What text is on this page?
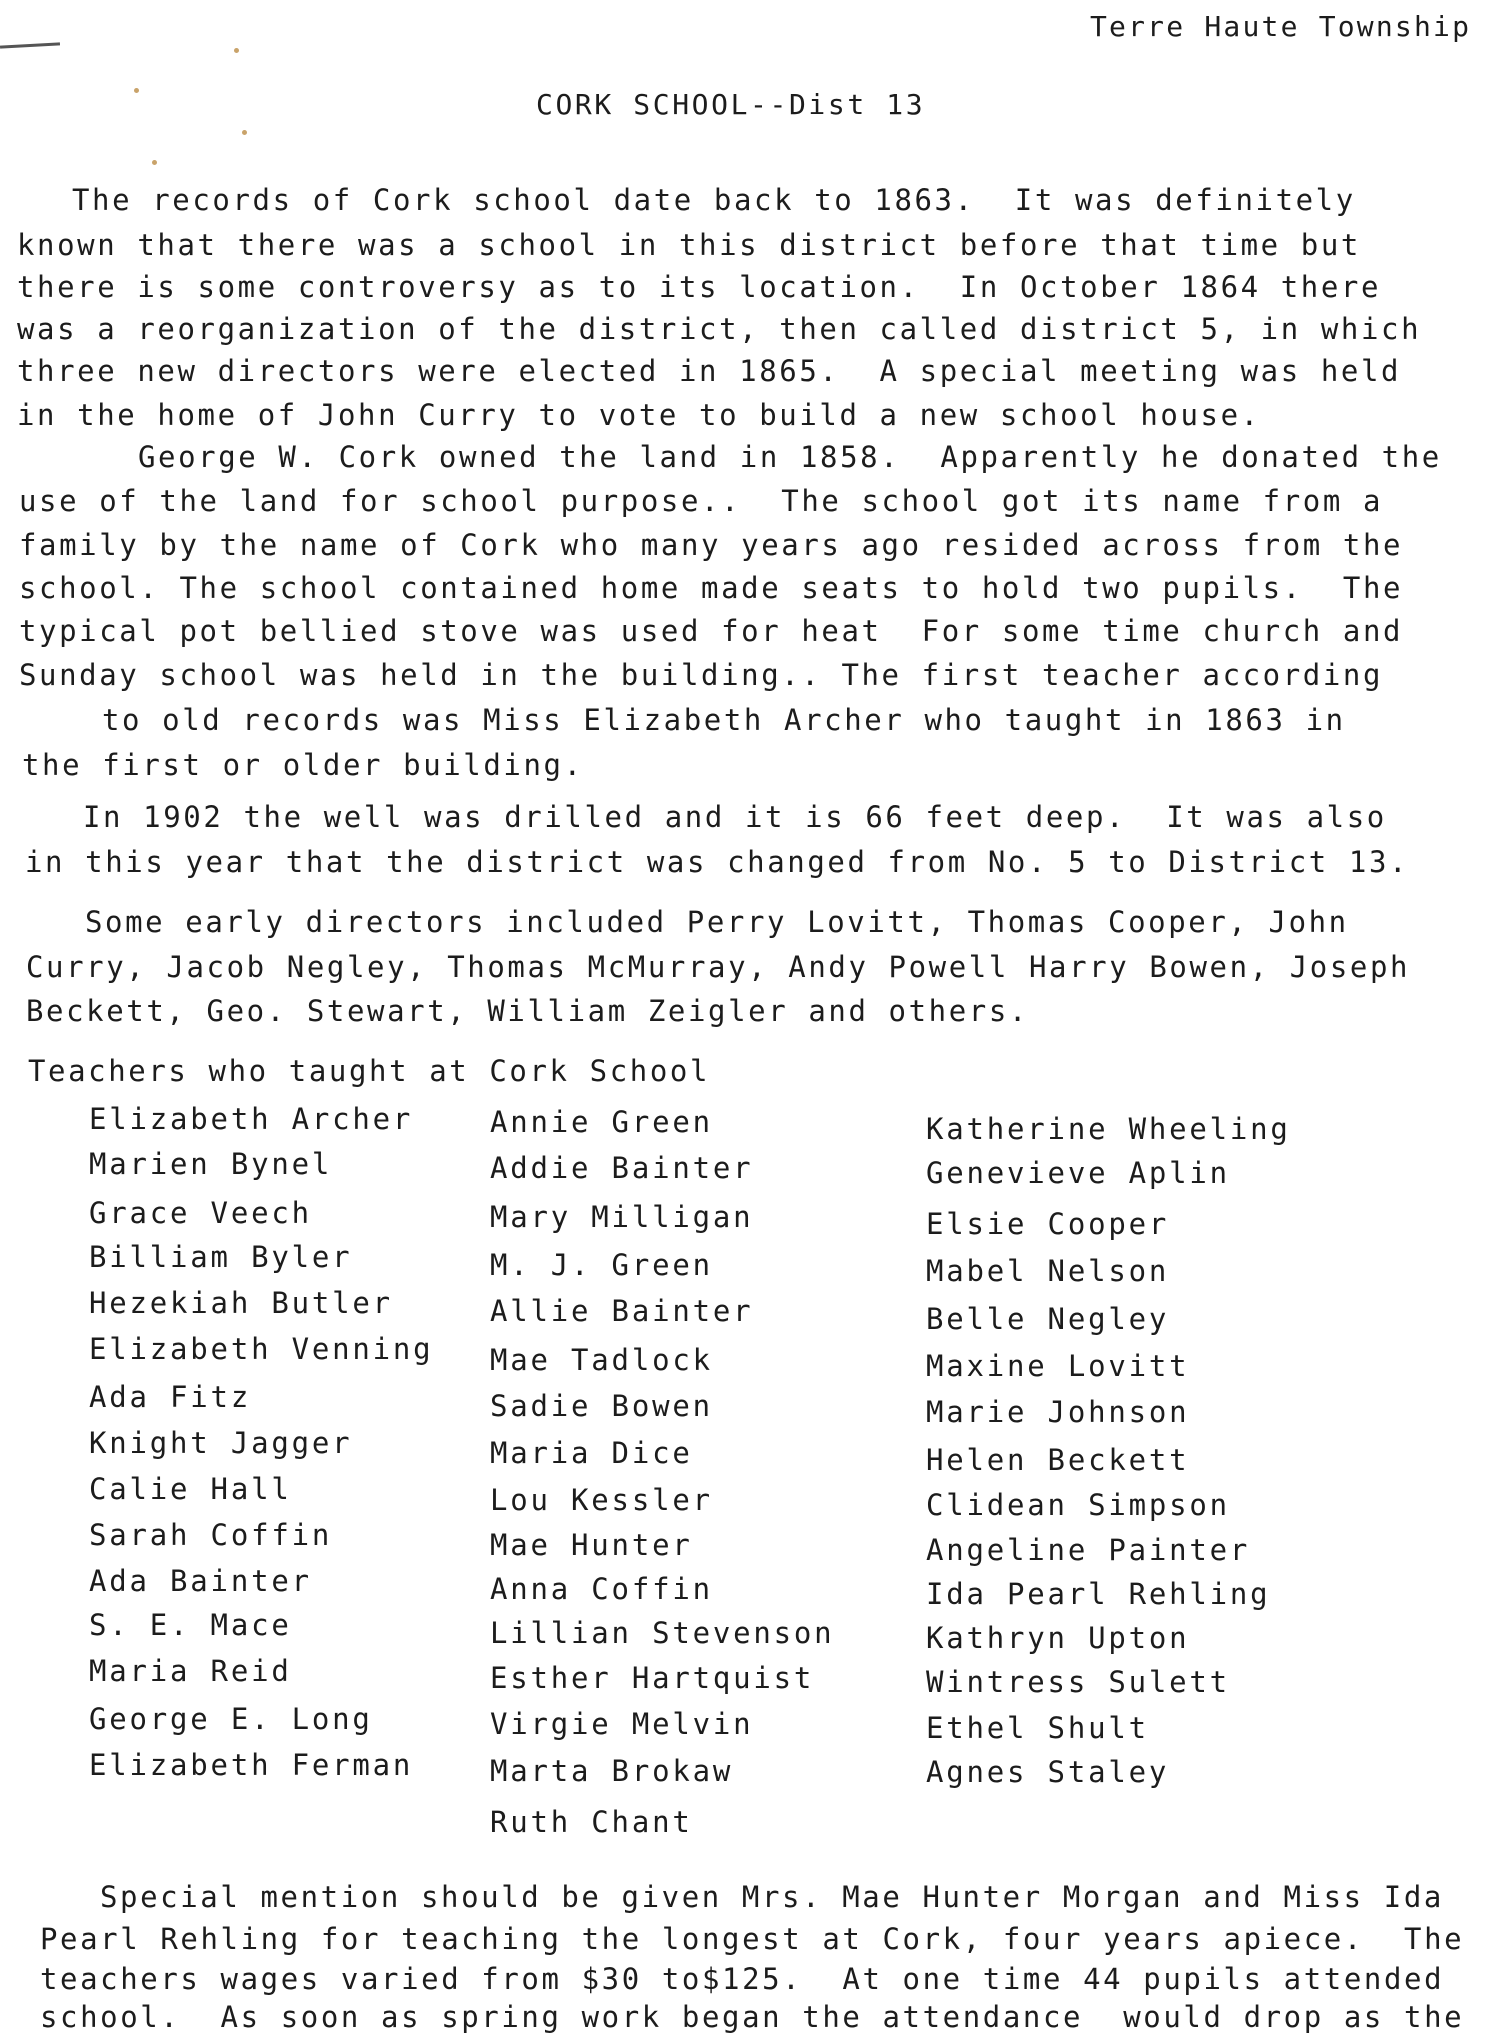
Terre Haute Township
CORK SCHOOL--Dist 13
The records of Cork school date back to 1863.  It was definitely
known that there was a school in this district before that time but
there is some controversy as to its location.  In October 1864 there
was a reorganization of the district, then called district 5, in which
three new directors were elected in 1865.  A special meeting was held
in the home of John Curry to vote to build a new school house.
George W. Cork owned the land in 1858.  Apparently he donated the
use of the land for school purpose..  The school got its name from a
family by the name of Cork who many years ago resided across from the
school. The school contained home made seats to hold two pupils.  The
typical pot bellied stove was used for heat  For some time church and
Sunday school was held in the building.. The first teacher according
to old records was Miss Elizabeth Archer who taught in 1863 in
the first or older building.
In 1902 the well was drilled and it is 66 feet deep.  It was also
in this year that the district was changed from No. 5 to District 13.
Some early directors included Perry Lovitt, Thomas Cooper, John
Curry, Jacob Negley, Thomas McMurray, Andy Powell Harry Bowen, Joseph
Beckett, Geo. Stewart, William Zeigler and others.
Teachers who taught at Cork School
Elizabeth Archer
Marien Bynel
Grace Veech
Billiam Byler
Hezekiah Butler
Elizabeth Venning
Ada Fitz
Knight Jagger
Calie Hall
Sarah Coffin
Ada Bainter
S. E. Mace
Maria Reid
George E. Long
Elizabeth Ferman
Annie Green
Addie Bainter
Mary Milligan
M. J. Green
Allie Bainter
Mae Tadlock
Sadie Bowen
Maria Dice
Lou Kessler
Mae Hunter
Anna Coffin
Lillian Stevenson
Esther Hartquist
Virgie Melvin
Marta Brokaw
Ruth Chant
Katherine Wheeling
Genevieve Aplin
Elsie Cooper
Mabel Nelson
Belle Negley
Maxine Lovitt
Marie Johnson
Helen Beckett
Clidean Simpson
Angeline Painter
Ida Pearl Rehling
Kathryn Upton
Wintress Sulett
Ethel Shult
Agnes Staley
Special mention should be given Mrs. Mae Hunter Morgan and Miss Ida
Pearl Rehling for teaching the longest at Cork, four years apiece.  The
teachers wages varied from $30 to$125.  At one time 44 pupils attended
school.  As soon as spring work began the attendance  would drop as the
